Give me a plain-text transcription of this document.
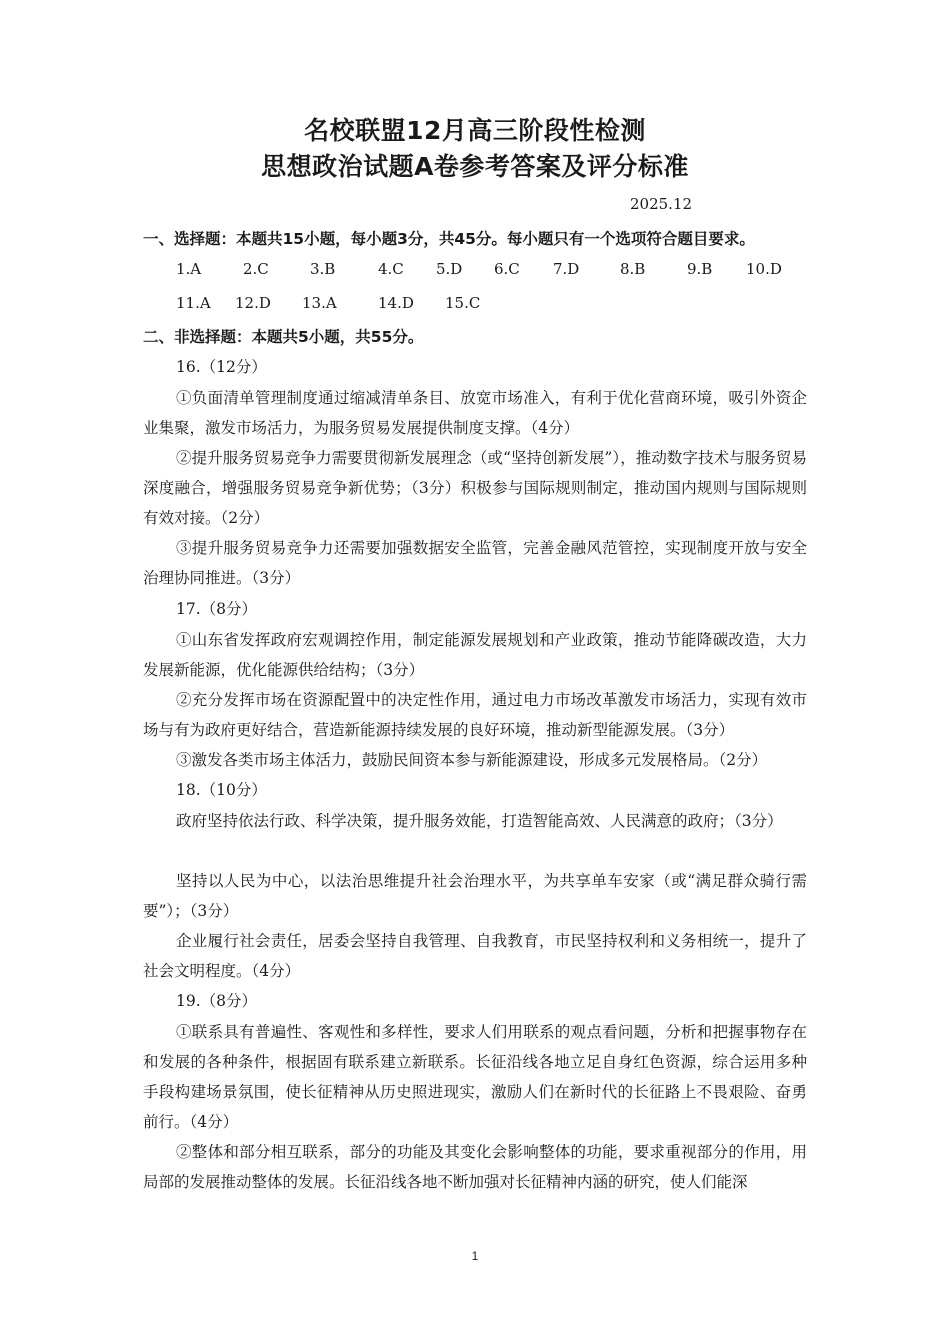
名校联盟12月高三阶段性检测
思想政治试题A卷参考答案及评分标准
2025.12
一、选择题：本题共15小题，每小题3分，共45分。每小题只有一个选项符合题目要求。
1.A	2.C	3.B	4.C 5.D 6.C 7.D	8.B	9.B 10.D
11.A 12.D 13.A	14.D 15.C
二、非选择题：本题共5小题，共55分。
16.（12分）
①负面清单管理制度通过缩减清单条目、放宽市场准入，有利于优化营商环境，吸引外资企业集聚，激发市场活力，为服务贸易发展提供制度支撑。（4分）
②提升服务贸易竞争力需要贯彻新发展理念（或“坚持创新发展”），推动数字技术与服务贸易深度融合，增强服务贸易竞争新优势；（3分）积极参与国际规则制定，推动国内规则与国际规则有效对接。（2分）
③提升服务贸易竞争力还需要加强数据安全监管，完善金融风范管控，实现制度开放与安全治理协同推进。（3分）
17.（8分）
①山东省发挥政府宏观调控作用，制定能源发展规划和产业政策，推动节能降碳改造，大力发展新能源，优化能源供给结构；（3分）
②充分发挥市场在资源配置中的决定性作用，通过电力市场改革激发市场活力，实现有效市场与有为政府更好结合，营造新能源持续发展的良好环境，推动新型能源发展。（3分）
③激发各类市场主体活力，鼓励民间资本参与新能源建设，形成多元发展格局。（2分）
18.（10分）
政府坚持依法行政、科学决策，提升服务效能，打造智能高效、人民满意的政府；（3分）
坚持以人民为中心，以法治思维提升社会治理水平，为共享单车安家（或“满足群众骑行需要”）；（3分）
企业履行社会责任，居委会坚持自我管理、自我教育，市民坚持权利和义务相统一，提升了社会文明程度。（4分）
19.（8分）
①联系具有普遍性、客观性和多样性，要求人们用联系的观点看问题，分析和把握事物存在和发展的各种条件，根据固有联系建立新联系。长征沿线各地立足自身红色资源，综合运用多种手段构建场景氛围，使长征精神从历史照进现实，激励人们在新时代的长征路上不畏艰险、奋勇前行。（4分）
②整体和部分相互联系，部分的功能及其变化会影响整体的功能，要求重视部分的作用，用局部的发展推动整体的发展。长征沿线各地不断加强对长征精神内涵的研究，使人们能深
1
